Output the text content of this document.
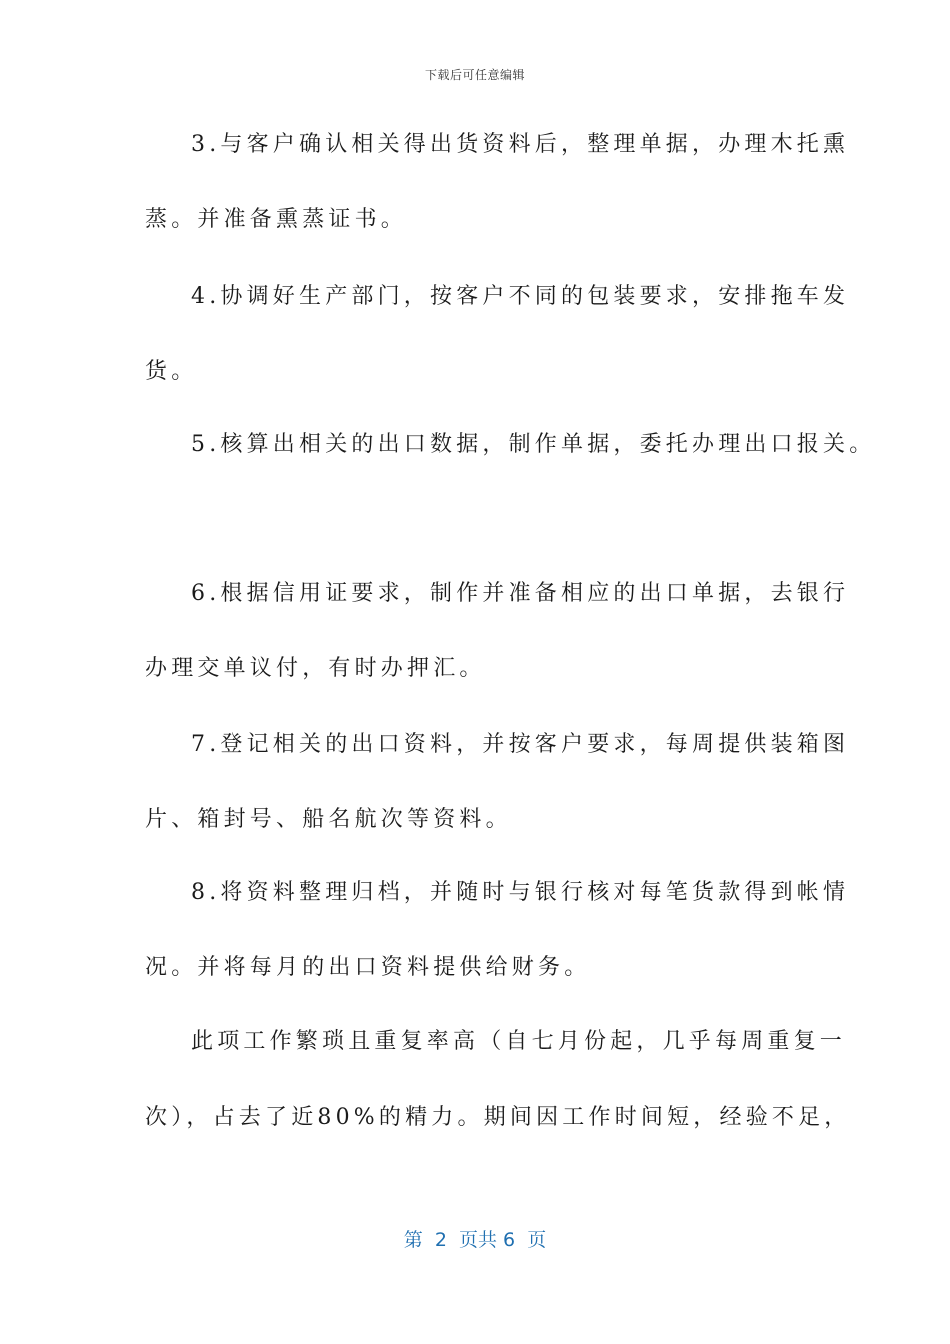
下载后可任意编辑
3.与客户确认相关得出货资料后，整理单据，办理木托熏
蒸。并准备熏蒸证书。
4.协调好生产部门，按客户不同的包装要求，安排拖车发
货。
5.核算出相关的出口数据，制作单据，委托办理出口报关。
6.根据信用证要求，制作并准备相应的出口单据，去银行
办理交单议付，有时办押汇。
7.登记相关的出口资料，并按客户要求，每周提供装箱图
片、箱封号、船名航次等资料。
8.将资料整理归档，并随时与银行核对每笔货款得到帐情
况。并将每月的出口资料提供给财务。
此项工作繁琐且重复率高（自七月份起，几乎每周重复一
次），占去了近80%的精力。期间因工作时间短，经验不足，
第  2  页共 6  页
